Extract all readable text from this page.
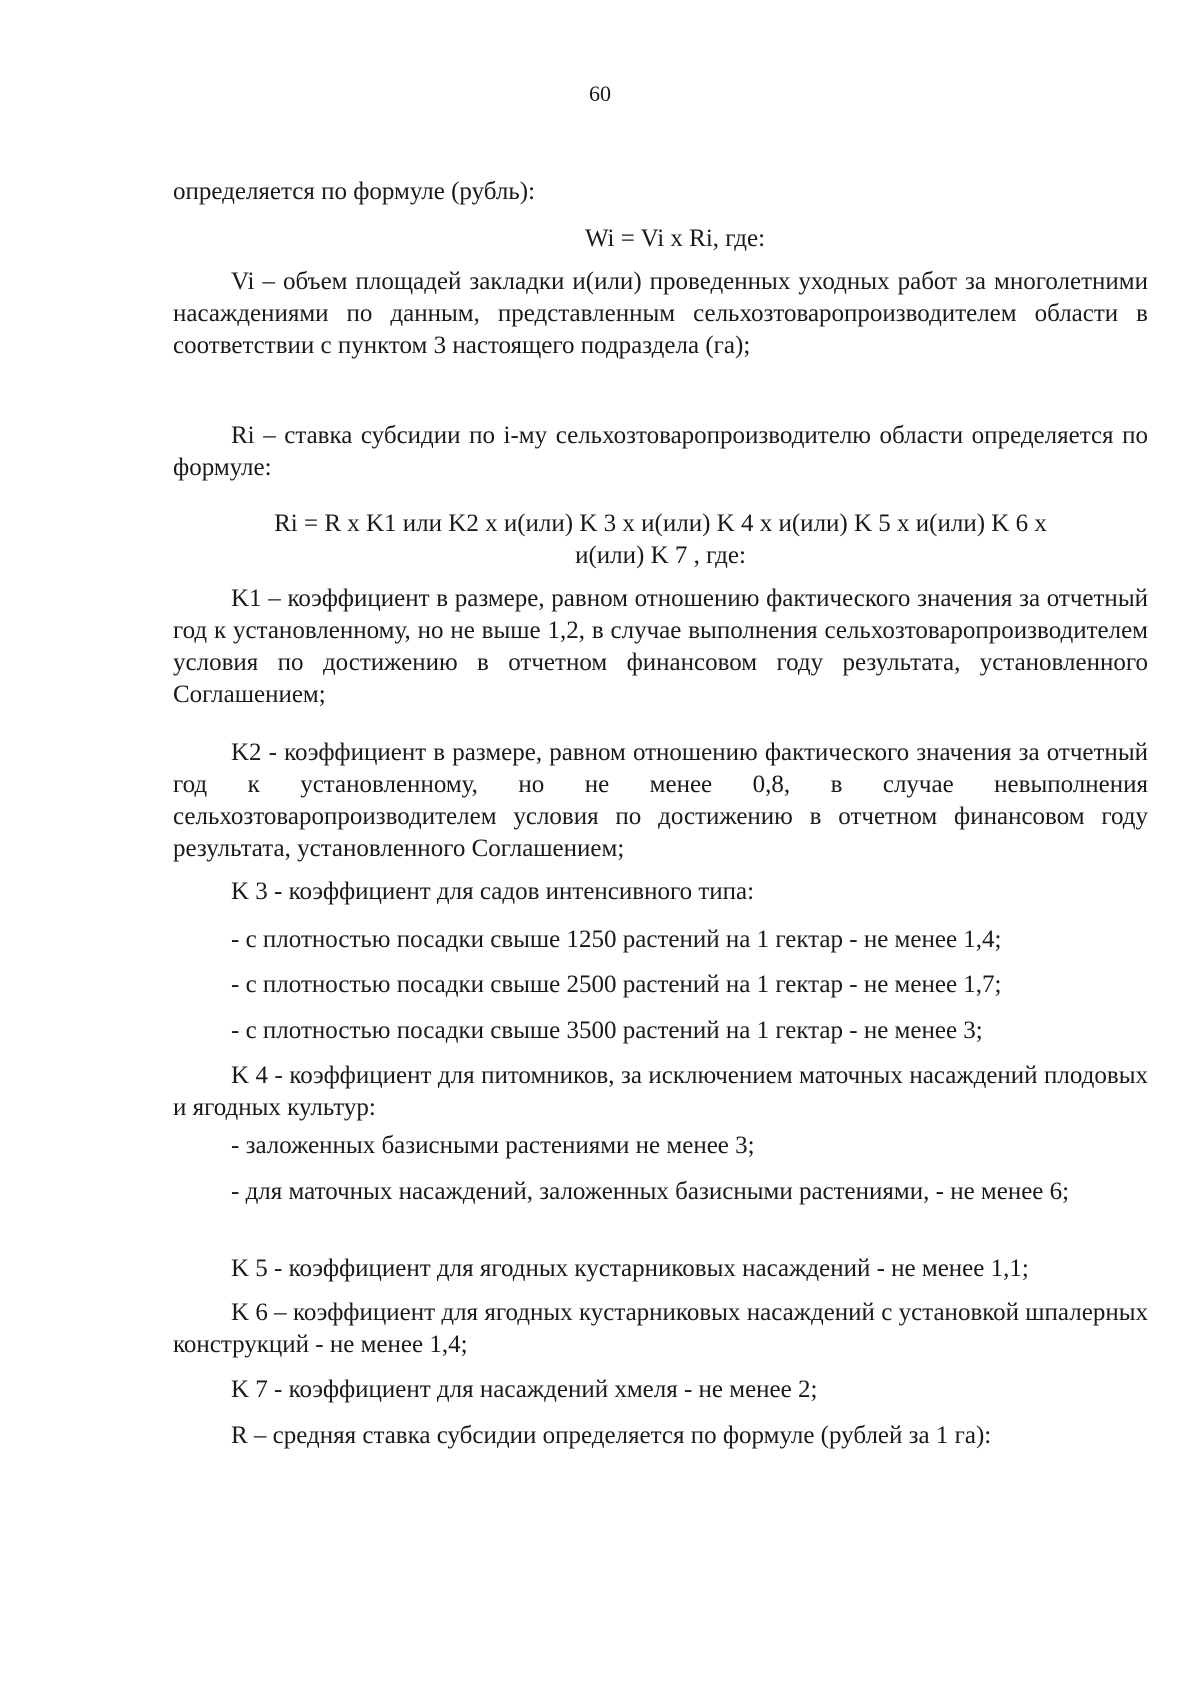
60
определяется по формуле (рубль):
Wi = Vi x Ri, где:
Vi – объем площадей закладки и(или) проведенных уходных работ за многолетними насаждениями по данным, представленным сельхозтоваропроизводителем области в соответствии с пунктом 3 настоящего подраздела (га);
Ri – ставка субсидии по i-му сельхозтоваропроизводителю области определяется по формуле:
Ri = R x K1 или K2 x и(или) K 3 x и(или) K 4 x и(или) K 5 x и(или) K 6 x
и(или) K 7 , где:
K1 – коэффициент в размере, равном отношению фактического значения за отчетный год к установленному, но не выше 1,2, в случае выполнения сельхозтоваропроизводителем условия по достижению в отчетном финансовом году результата, установленного Соглашением;
K2 - коэффициент в размере, равном отношению фактического значения за отчетный год к установленному, но не менее 0,8, в случае невыполнения сельхозтоваропроизводителем условия по достижению в отчетном финансовом году результата, установленного Соглашением;
K 3 - коэффициент для садов интенсивного типа:
- с плотностью посадки свыше 1250 растений на 1 гектар - не менее 1,4;
- с плотностью посадки свыше 2500 растений на 1 гектар - не менее 1,7;
- с плотностью посадки свыше 3500 растений на 1 гектар - не менее 3;
K 4 - коэффициент для питомников, за исключением маточных насаждений плодовых и ягодных культур:
- заложенных базисными растениями не менее 3;
- для маточных насаждений, заложенных базисными растениями, - не менее 6;
K 5 - коэффициент для ягодных кустарниковых насаждений - не менее 1,1;
K 6 – коэффициент для ягодных кустарниковых насаждений с установкой шпалерных конструкций - не менее 1,4;
K 7 - коэффициент для насаждений хмеля - не менее 2;
R – средняя ставка субсидии определяется по формуле (рублей за 1 га):
